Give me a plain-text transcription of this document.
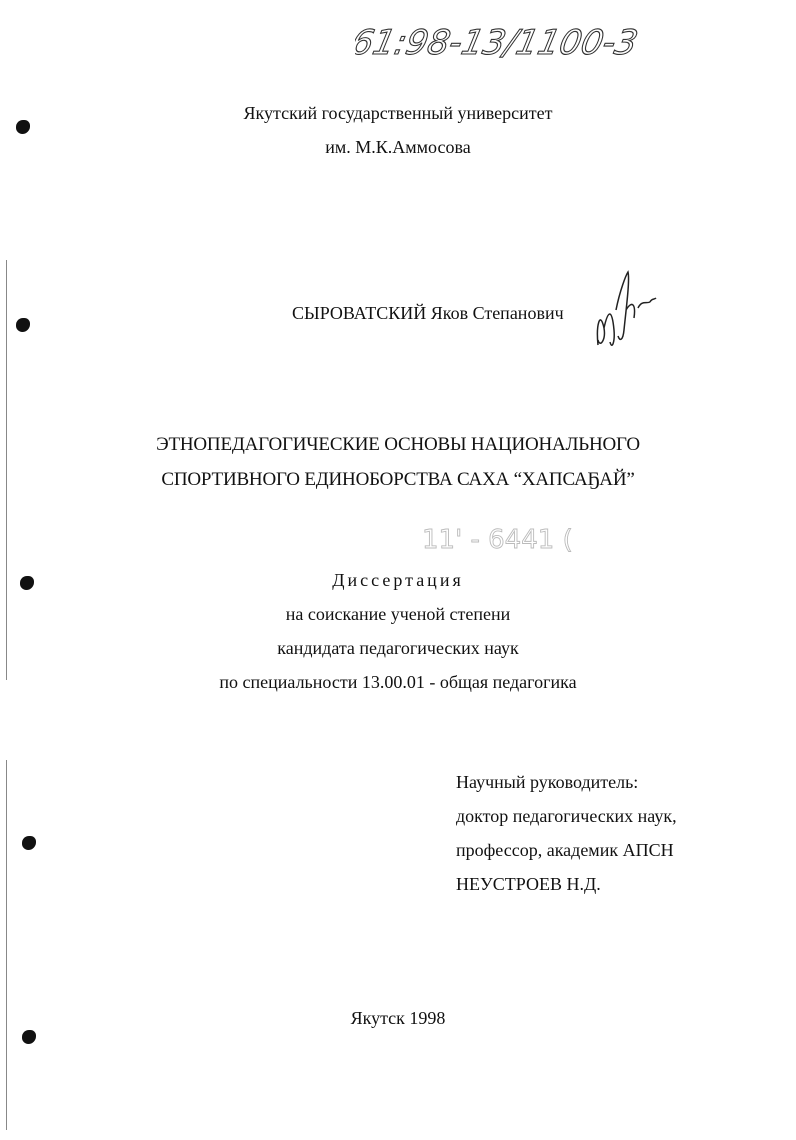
61:98-13/1100-3
Якутский государственный университет
им. М.К.Аммосова
СЫРОВАТСКИЙ Яков Степанович
ЭТНОПЕДАГОГИЧЕСКИЕ ОСНОВЫ НАЦИОНАЛЬНОГО
СПОРТИВНОГО ЕДИНОБОРСТВА САХА “ХАПСАҔАЙ”
11' - 6441 (
Диссертация
на соискание ученой степени
кандидата педагогических наук
по специальности 13.00.01 - общая педагогика
Научный руководитель:
доктор педагогических наук,
профессор, академик АПСН
НЕУСТРОЕВ Н.Д.
Якутск 1998
